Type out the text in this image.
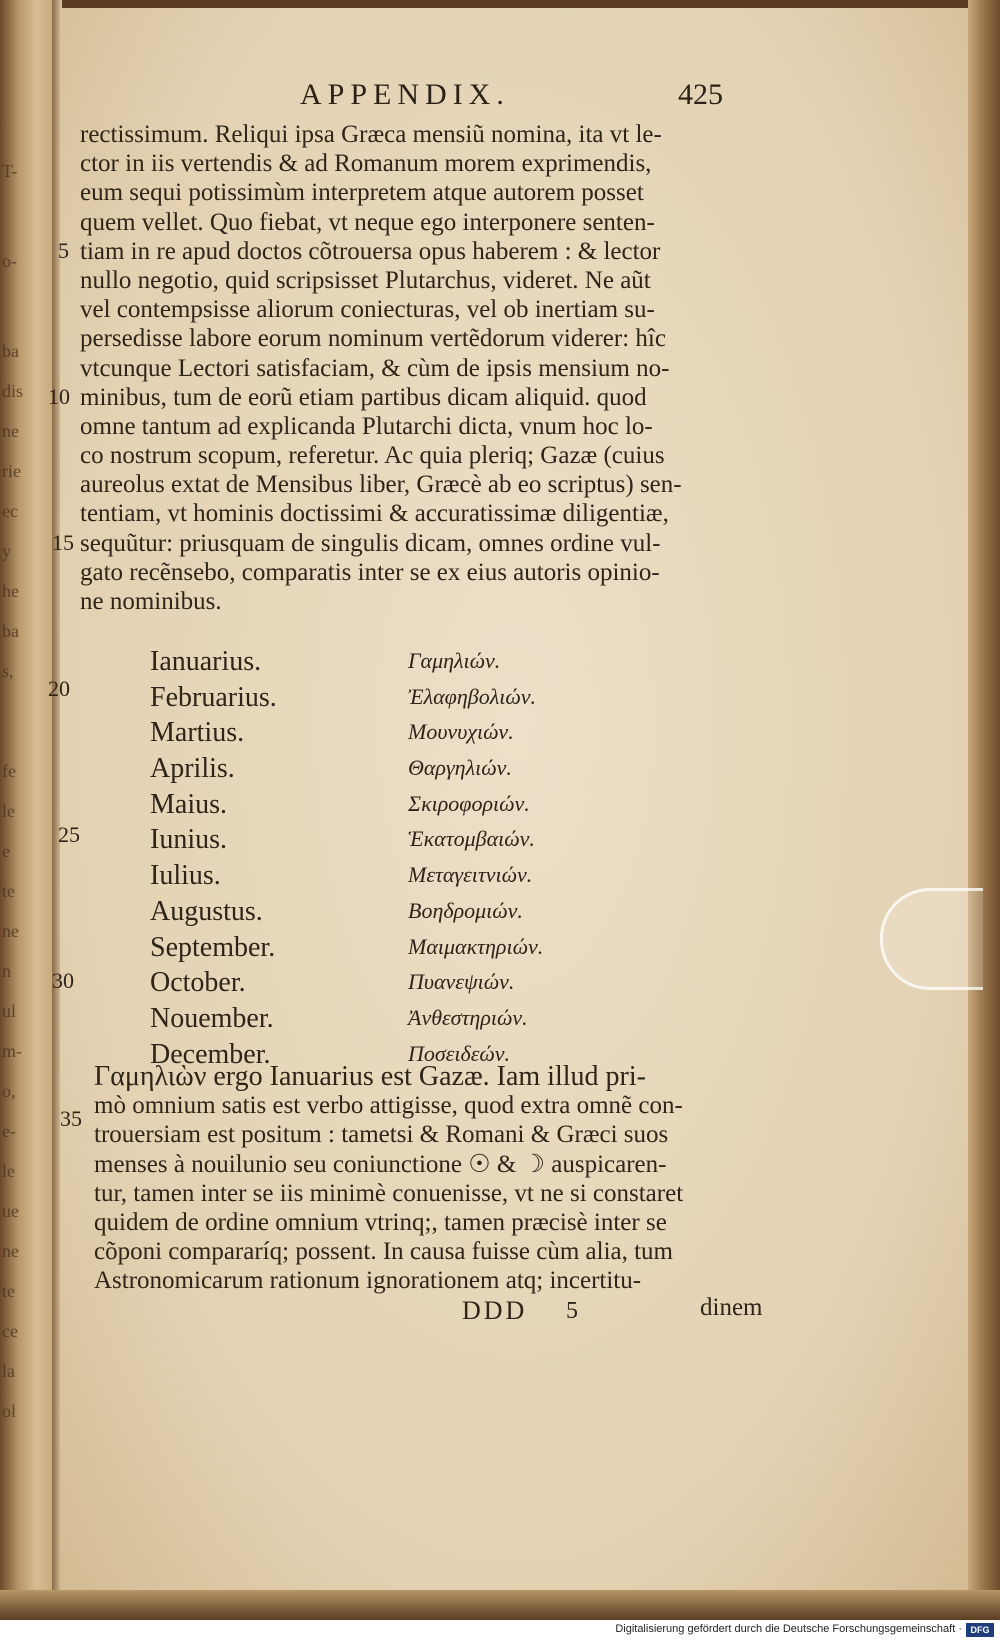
T-
o-
ba
dis
ne
rie
ec
y
he
ba
s,
fe
le
e
te
ne
n
ul
m-
o,
e-
le
ue
ne
te
ce
la
ol
APPENDIX.	425
rectissimum. Reliqui ipsa Græca mensiũ nomina, ita vt le-
ctor in iis vertendis & ad Romanum morem exprimendis,
eum sequi potissimùm interpretem atque autorem posset
quem vellet. Quo fiebat, vt neque ego interponere senten-
tiam in re apud doctos cõtrouersa opus haberem : & lector
nullo negotio, quid scripsisset Plutarchus, videret. Ne aũt
vel contempsisse aliorum coniecturas, vel ob inertiam su-
persedisse labore eorum nominum vertẽdorum viderer: hîc
vtcunque Lectori satisfaciam, & cùm de ipsis mensium no-
minibus, tum de eorũ etiam partibus dicam aliquid. quod
omne tantum ad explicanda Plutarchi dicta, vnum hoc lo-
co nostrum scopum, referetur. Ac quia pleriq; Gazæ (cuius
aureolus extat de Mensibus liber, Græcè ab eo scriptus) sen-
tentiam, vt hominis doctissimi & accuratissimæ diligentiæ,
sequũtur: priusquam de singulis dicam, omnes ordine vul-
gato recẽnsebo, comparatis inter se ex eius autoris opinio-
ne nominibus.
5
10
15
20
25
30
35
Ianuarius.	Γαμηλιών.
Februarius.	Ἐλαφηβολιών.
Martius.	Μουνυχιών.
Aprilis.	Θαργηλιών.
Maius.	Σκιροφοριών.
Iunius.	Ἑκατομβαιών.
Iulius.	Μεταγειτνιών.
Augustus.	Βοηδρομιών.
September.	Μαιμακτηριών.
October.	Πυανεψιών.
Nouember.	Ἀνθεστηριών.
December.	Ποσειδεών.
Γαμηλιὼν ergo Ianuarius est Gazæ. Iam illud pri-
mò omnium satis est verbo attigisse, quod extra omnẽ con-
trouersiam est positum : tametsi & Romani & Græci suos
menses à nouilunio seu coniunctione ☉ & ☽ auspicaren-
tur, tamen inter se iis minimè conuenisse, vt ne si constaret
quidem de ordine omnium vtrinq;, tamen præcisè inter se
cõponi compararíq; possent. In causa fuisse cùm alia, tum
Astronomicarum rationum ignorationem atq; incertitu-
DDD 5	dinem
Digitalisierung gefördert durch die Deutsche Forschungsgemeinschaft · DFG
